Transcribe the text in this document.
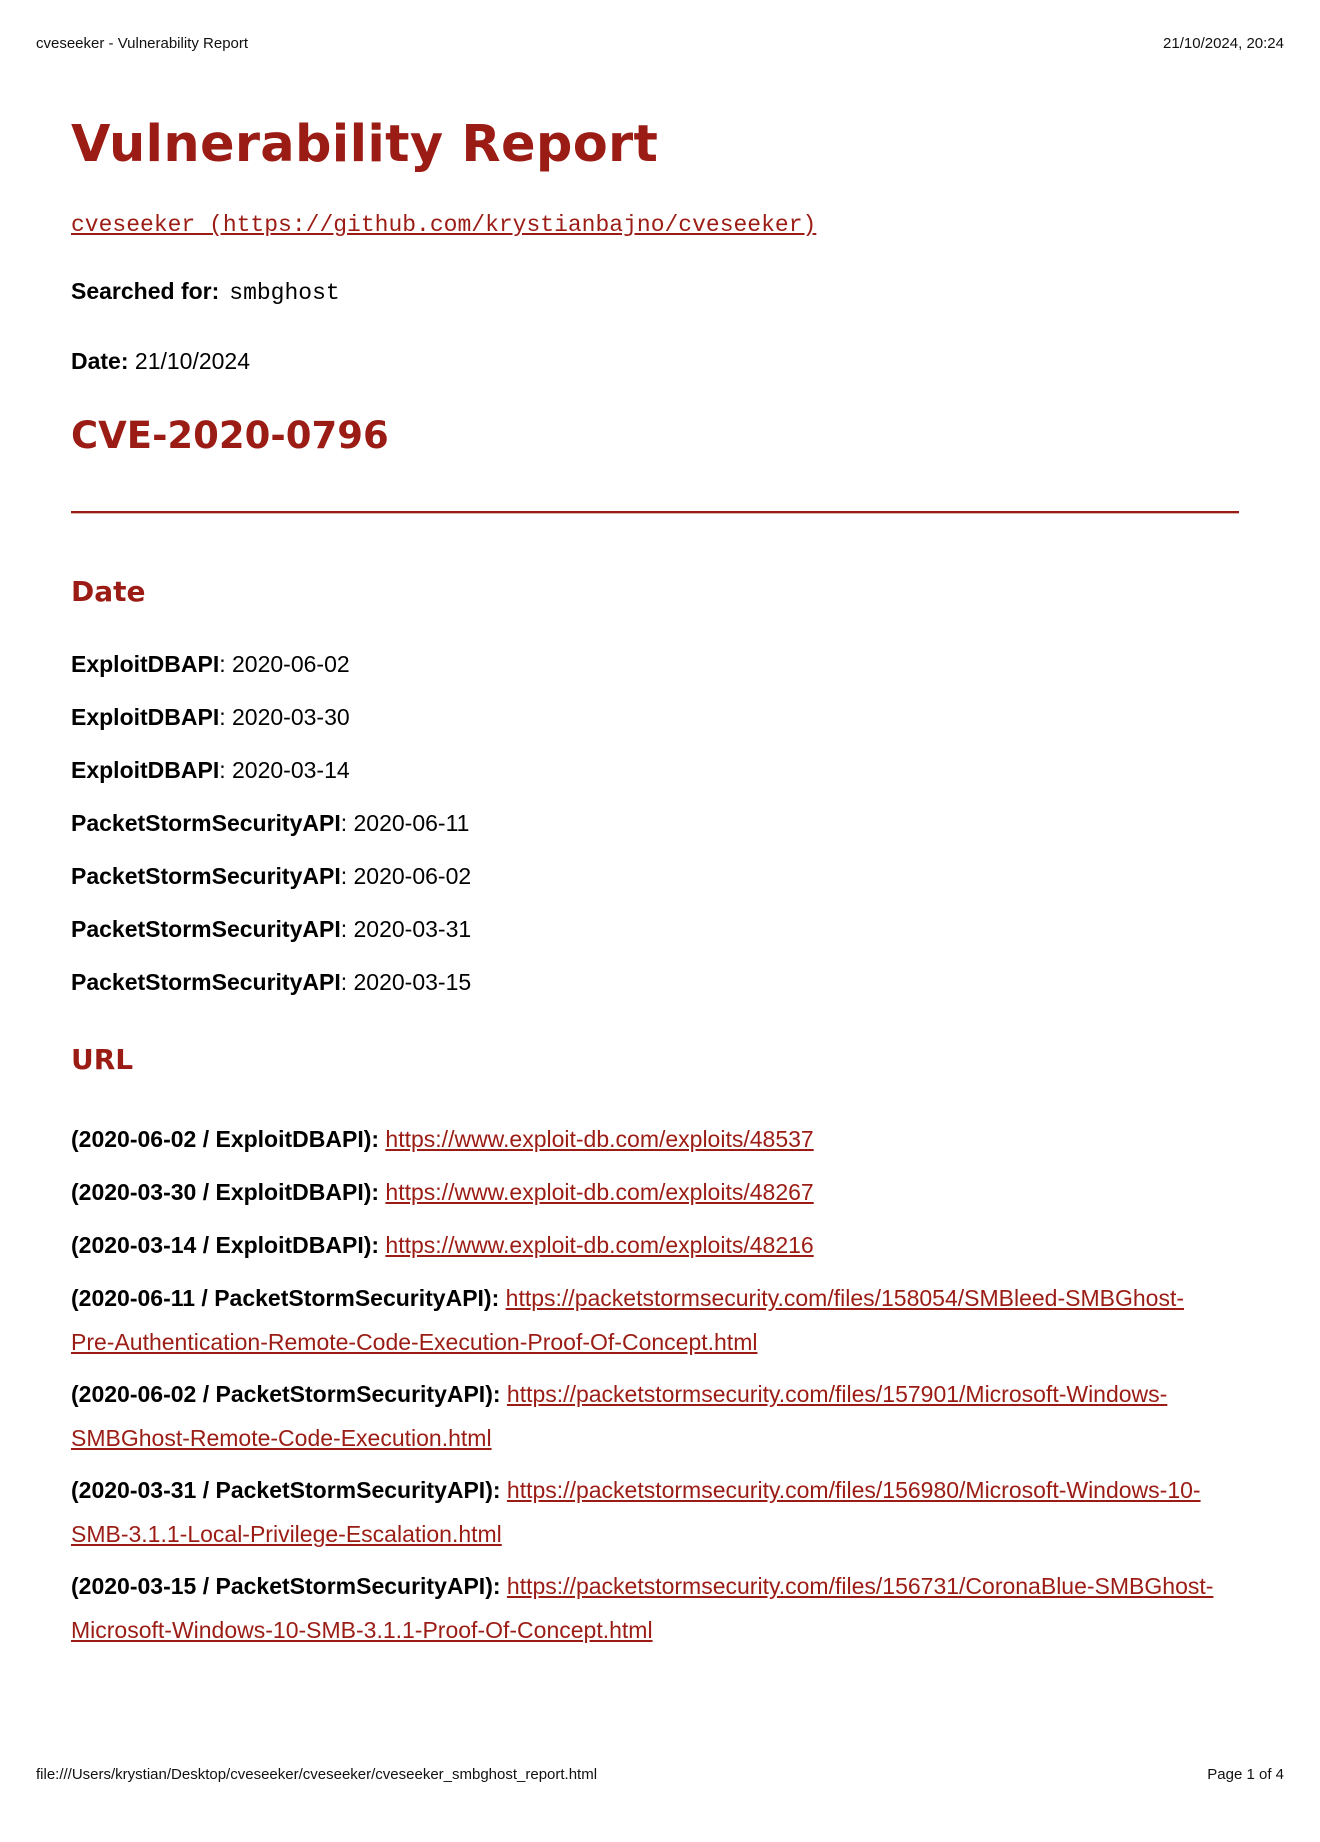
cveseeker - Vulnerability Report	21/10/2024, 20:24
Vulnerability Report
cveseeker (https://github.com/krystianbajno/cveseeker)
Searched for: smbghost
Date: 21/10/2024
CVE-2020-0796
Date
ExploitDBAPI: 2020-06-02
ExploitDBAPI: 2020-03-30
ExploitDBAPI: 2020-03-14
PacketStormSecurityAPI: 2020-06-11
PacketStormSecurityAPI: 2020-06-02
PacketStormSecurityAPI: 2020-03-31
PacketStormSecurityAPI: 2020-03-15
URL
(2020-06-02 / ExploitDBAPI): https://www.exploit-db.com/exploits/48537
(2020-03-30 / ExploitDBAPI): https://www.exploit-db.com/exploits/48267
(2020-03-14 / ExploitDBAPI): https://www.exploit-db.com/exploits/48216
(2020-06-11 / PacketStormSecurityAPI): https://packetstormsecurity.com/files/158054/SMBleed-SMBGhost-Pre-Authentication-Remote-Code-Execution-Proof-Of-Concept.html
(2020-06-02 / PacketStormSecurityAPI): https://packetstormsecurity.com/files/157901/Microsoft-Windows-SMBGhost-Remote-Code-Execution.html
(2020-03-31 / PacketStormSecurityAPI): https://packetstormsecurity.com/files/156980/Microsoft-Windows-10-SMB-3.1.1-Local-Privilege-Escalation.html
(2020-03-15 / PacketStormSecurityAPI): https://packetstormsecurity.com/files/156731/CoronaBlue-SMBGhost-Microsoft-Windows-10-SMB-3.1.1-Proof-Of-Concept.html
file:///Users/krystian/Desktop/cveseeker/cveseeker/cveseeker_smbghost_report.html	Page 1 of 4
